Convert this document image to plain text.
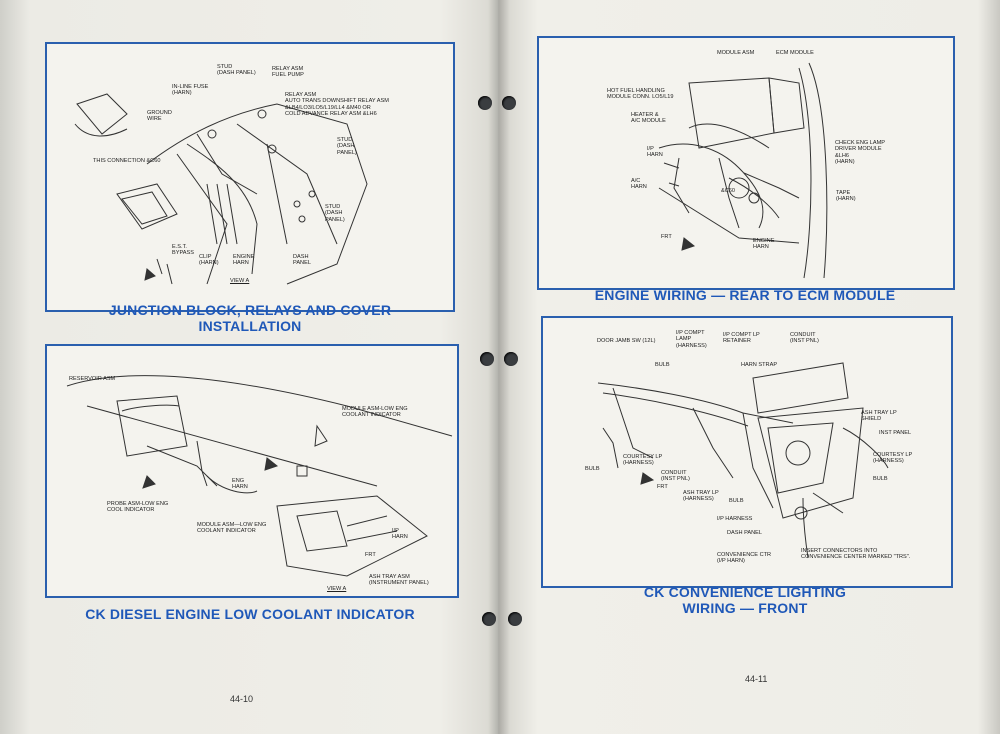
STUD
(DASH PANEL)
RELAY ASM
FUEL PUMP
IN-LINE FUSE
(HARN)	RELAY ASM
AUTO TRANS DOWNSHIFT RELAY ASM
&LB4/LO3/LO5/L19/LL4 &M40 OR
COLD ADVANCE RELAY ASM &LH6
GROUND
WIRE
STUD
(DASH
PANEL)
THIS CONNECTION &C60
STUD
(DASH
PANEL)
E.S.T.
BYPASS
CLIP
(HARN)
ENGINE
HARN
DASH
PANEL
VIEW A
JUNCTION BLOCK, RELAYS AND COVER
INSTALLATION
RESERVOIR ASM
MODULE ASM-LOW ENG
COOLANT INDICATOR
ENG
HARN
PROBE ASM-LOW ENG
COOL INDICATOR
MODULE ASM—LOW ENG
COOLANT INDICATOR	I/P
HARN
ASH TRAY ASM
(INSTRUMENT PANEL)
VIEW A
FRT
CK DIESEL ENGINE LOW COOLANT INDICATOR
44-10
MODULE ASM	ECM MODULE
HOT FUEL HANDLING
MODULE CONN. LO5/L19
HEATER &
A/C MODULE
I/P
HARN
CHECK ENG LAMP
DRIVER MODULE
&LH6
(HARN)
A/C
HARN
&C60	TAPE
(HARN)
ENGINE
HARN
FRT
ENGINE WIRING — REAR TO ECM MODULE
DOOR JAMB SW (12L)
I/P COMPT
LAMP
(HARNESS)
I/P COMPT LP
RETAINER
CONDUIT
(INST PNL)
BULB	HARN STRAP
ASH TRAY LP
SHIELD
INST PANEL
COURTESY LP
(HARNESS)
BULB
COURTESY LP
(HARNESS)
BULB
CONDUIT
(INST PNL)
ASH TRAY LP
(HARNESS)	BULB
I/P HARNESS
DASH PANEL
CONVENIENCE CTR
(I/P HARN)
INSERT CONNECTORS INTO
CONVENIENCE CENTER MARKED "TRS".
FRT
CK CONVENIENCE LIGHTING
WIRING — FRONT
44-11
